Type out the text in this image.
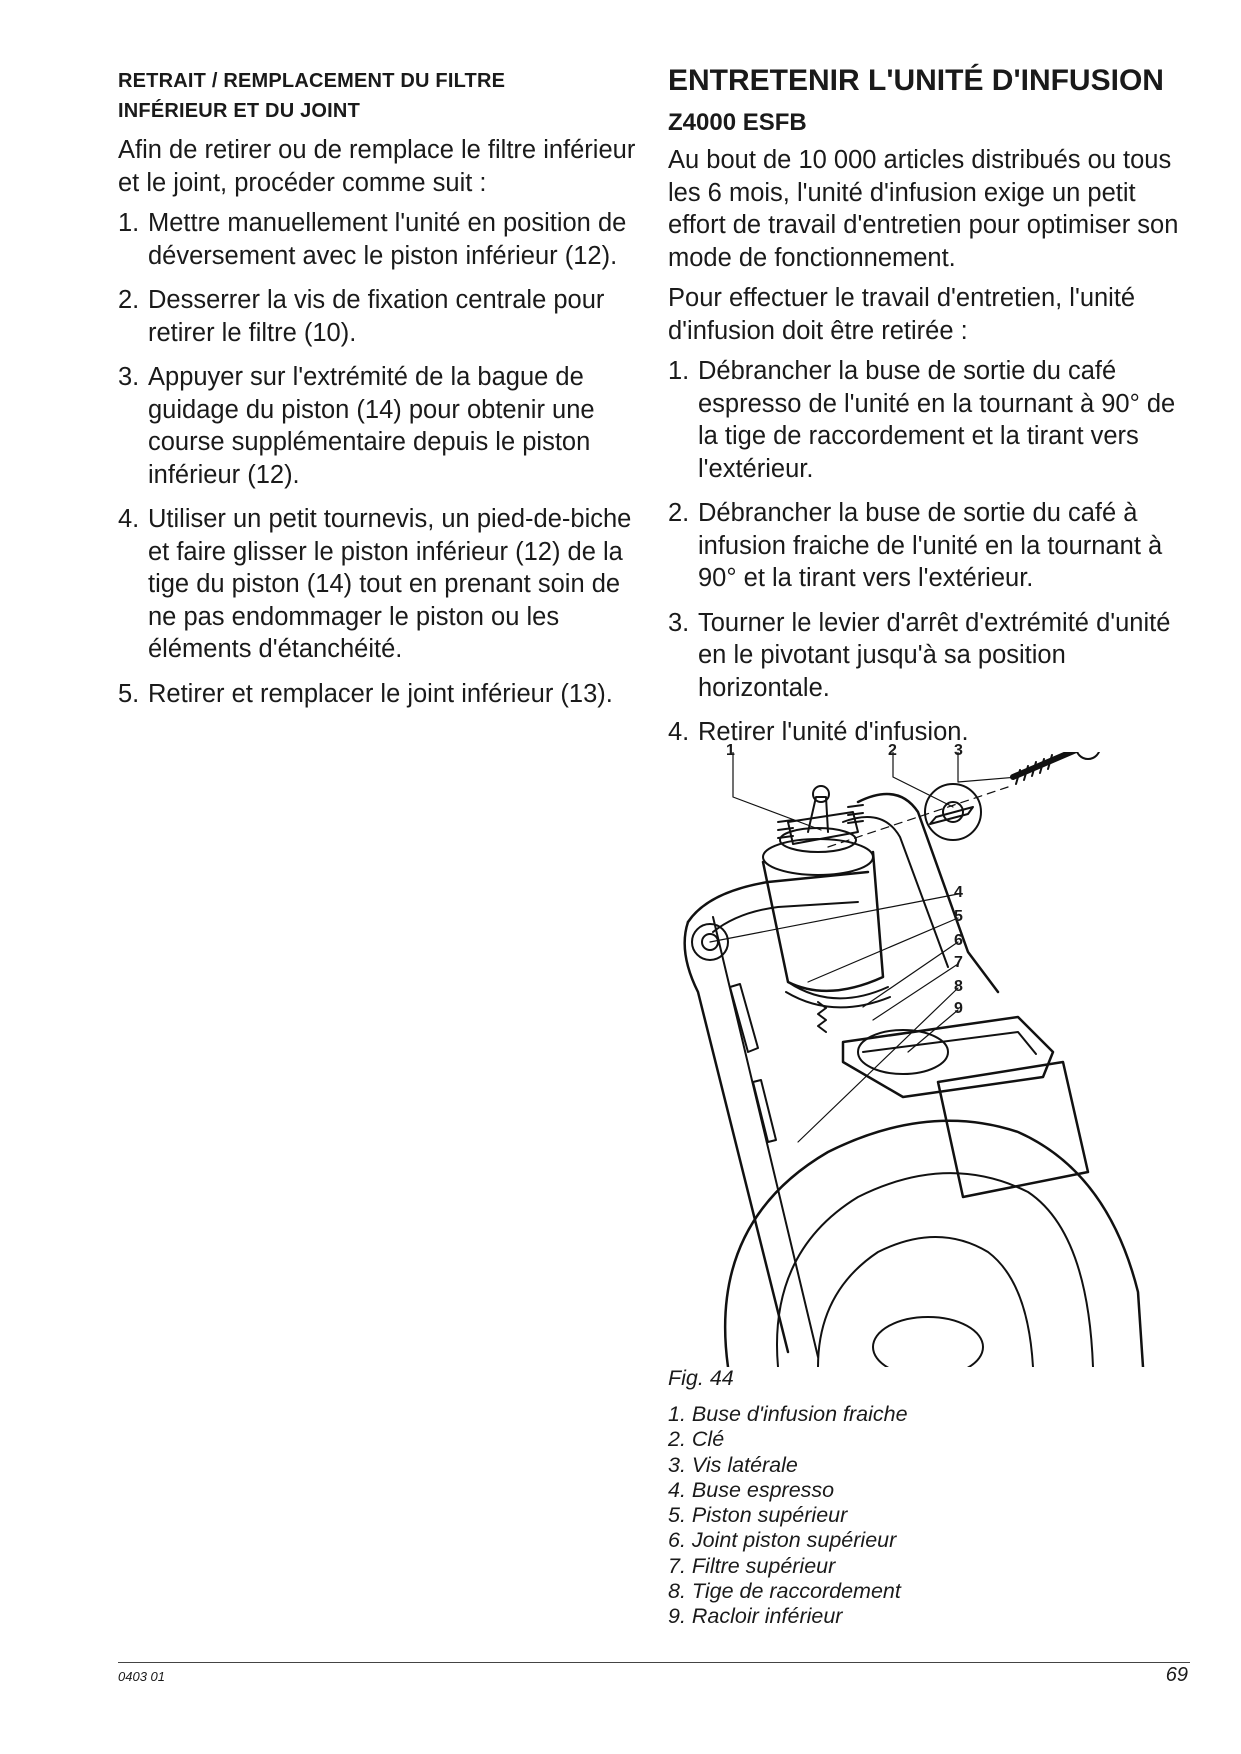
RETRAIT / REMPLACEMENT DU FILTRE
INFÉRIEUR ET DU JOINT

Afin de retirer ou de remplace le filtre inférieur et le joint, procéder comme suit :

1. Mettre manuellement l'unité en position de déversement avec le piston inférieur (12).
2. Desserrer la vis de fixation centrale pour retirer le filtre (10).
3. Appuyer sur l'extrémité de la bague de guidage du piston (14) pour obtenir une course supplémentaire depuis le piston inférieur (12).
4. Utiliser un petit tournevis, un pied-de-biche et faire glisser le piston inférieur (12) de la tige du piston (14) tout en prenant soin de ne pas endommager le piston ou les éléments d'étanchéité.
5. Retirer et remplacer le joint inférieur (13).
ENTRETENIR L'UNITÉ D'INFUSION
Z4000 ESFB

Au bout de 10 000 articles distribués ou tous les 6 mois, l'unité d'infusion exige un petit effort de travail d'entretien pour optimiser son mode de fonctionnement.

Pour effectuer le travail d'entretien, l'unité d'infusion doit être retirée :

1. Débrancher la buse de sortie du café espresso de l'unité en la tournant à 90° de la tige de raccordement et la tirant vers l'extérieur.
2. Débrancher la buse de sortie du café à infusion fraiche de l'unité en la tournant à 90° et la tirant vers l'extérieur.
3. Tourner le levier d'arrêt d'extrémité d'unité en le pivotant jusqu'à sa position horizontale.
4. Retirer l'unité d'infusion.
1	2	3
4
5
6
7
8
9
Fig. 44
1. Buse d'infusion fraiche
2. Clé
3. Vis latérale
4. Buse espresso
5. Piston supérieur
6. Joint piston supérieur
7. Filtre supérieur
8. Tige de raccordement
9. Racloir inférieur
0403 01	69
